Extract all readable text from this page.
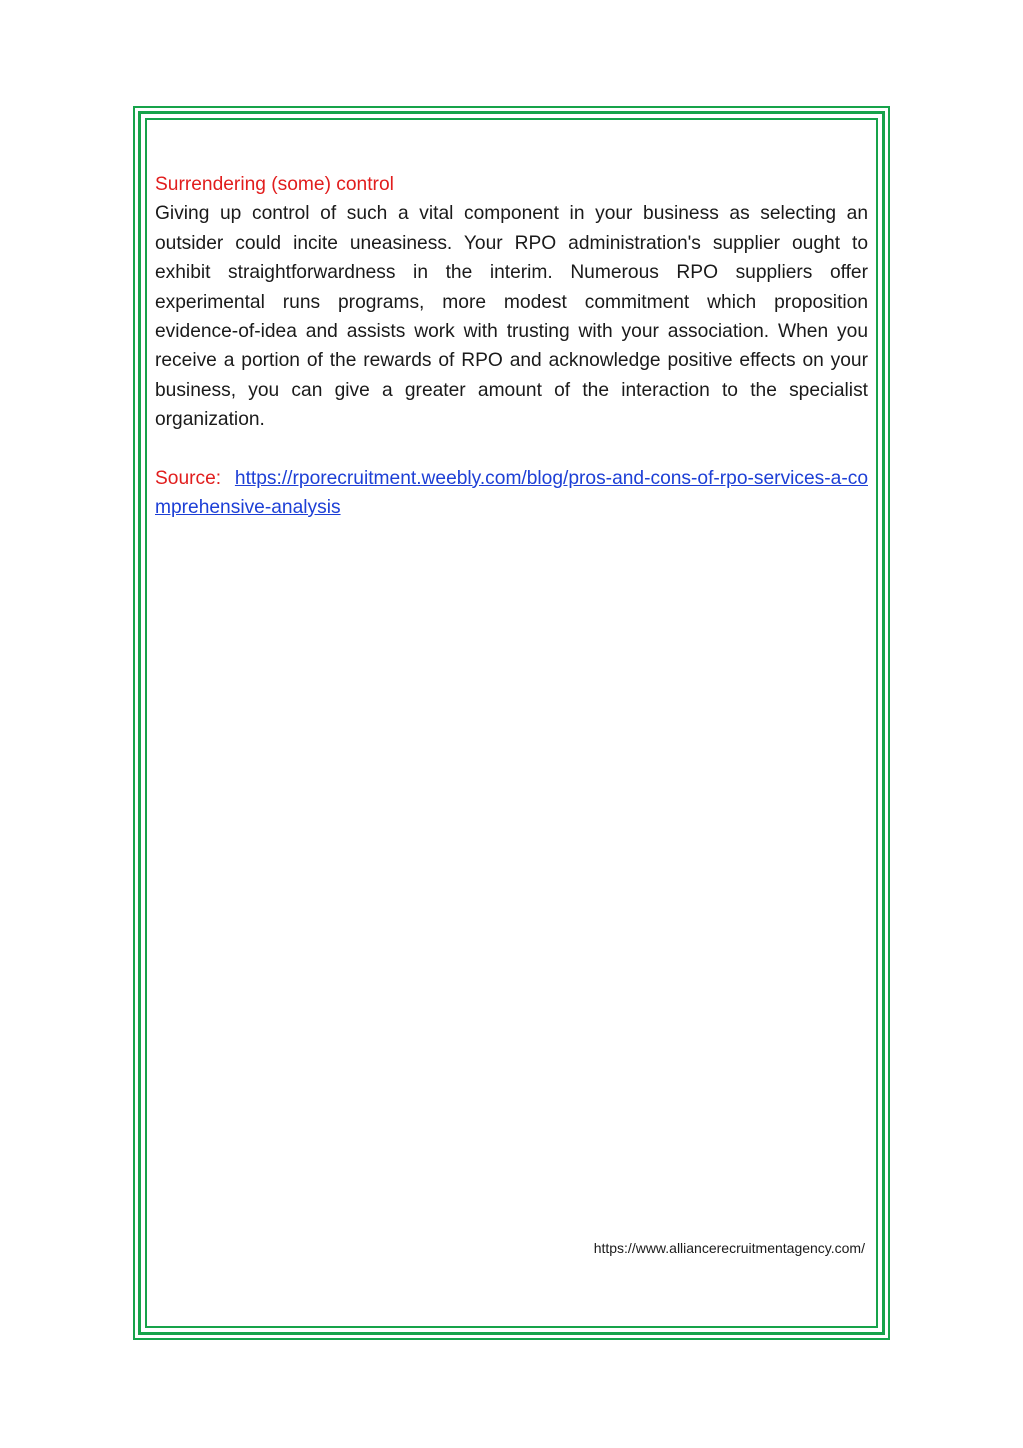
Surrendering (some) control

Giving up control of such a vital component in your business as selecting an outsider could incite uneasiness. Your RPO administration's supplier ought to exhibit straightforwardness in the interim. Numerous RPO suppliers offer experimental runs programs, more modest commitment which proposition evidence-of-idea and assists work with trusting with your association. When you receive a portion of the rewards of RPO and acknowledge positive effects on your business, you can give a greater amount of the interaction to the specialist organization.

Source: https://rporecruitment.weebly.com/blog/pros-and-cons-of-rpo-services-a-comprehensive-analysis

https://www.alliancerecruitmentagency.com/
